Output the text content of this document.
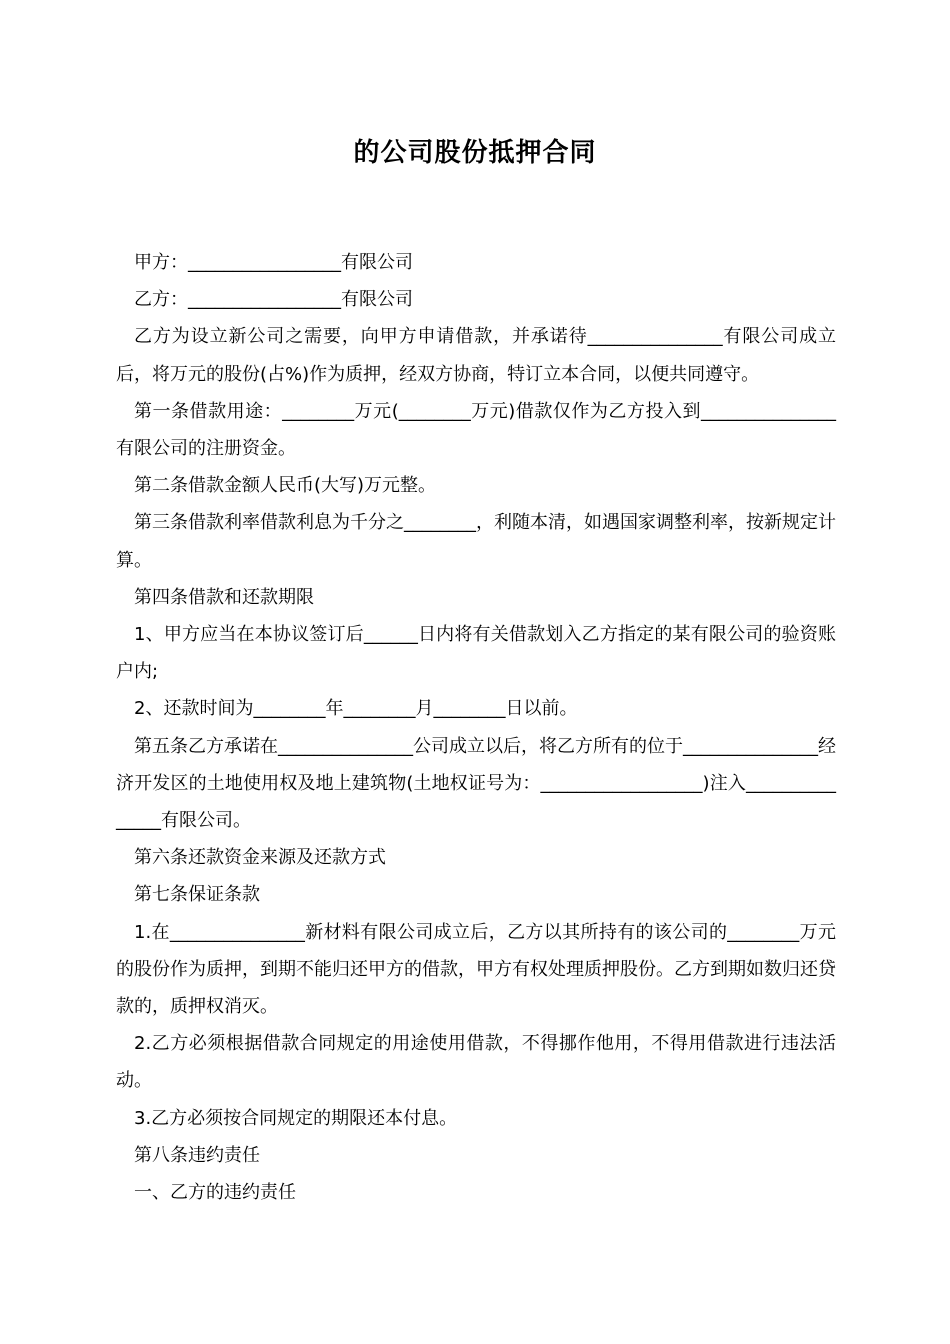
的公司股份抵押合同

甲方：_________________有限公司

乙方：_________________有限公司

乙方为设立新公司之需要，向甲方申请借款，并承诺待_______________有限公司成立后，将万元的股份(占%)作为质押，经双方协商，特订立本合同，以便共同遵守。

第一条借款用途：________万元(________万元)借款仅作为乙方投入到_______________有限公司的注册资金。

第二条借款金额人民币(大写)万元整。

第三条借款利率借款利息为千分之________，利随本清，如遇国家调整利率，按新规定计算。

第四条借款和还款期限

1、甲方应当在本协议签订后______日内将有关借款划入乙方指定的某有限公司的验资账户内;

2、还款时间为________年________月________日以前。

第五条乙方承诺在_______________公司成立以后，将乙方所有的位于_______________经济开发区的土地使用权及地上建筑物(土地权证号为：__________________)注入_______________有限公司。

第六条还款资金来源及还款方式

第七条保证条款

1.在_______________新材料有限公司成立后，乙方以其所持有的该公司的________万元的股份作为质押，到期不能归还甲方的借款，甲方有权处理质押股份。乙方到期如数归还贷款的，质押权消灭。

2.乙方必须根据借款合同规定的用途使用借款，不得挪作他用，不得用借款进行违法活动。

3.乙方必须按合同规定的期限还本付息。

第八条违约责任

一、乙方的违约责任
